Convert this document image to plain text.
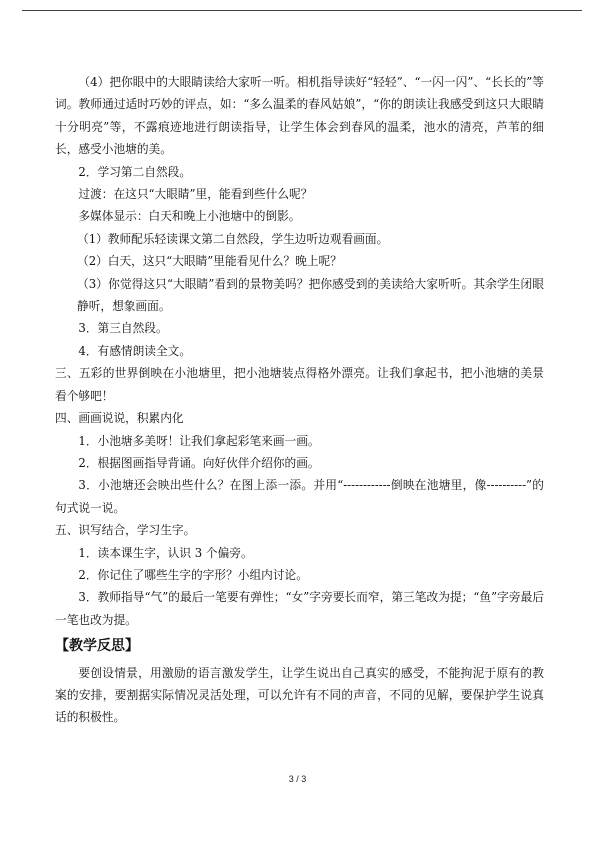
（4）把你眼中的大眼睛读给大家听一听。相机指导读好“轻轻”、“一闪一闪”、“长长的”等词。教师通过适时巧妙的评点，如：“多么温柔的春风姑娘”，“你的朗读让我感受到这只大眼睛十分明亮”等，不露痕迹地进行朗读指导，让学生体会到春风的温柔，池水的清亮，芦苇的细长，感受小池塘的美。

2．学习第二自然段。

过渡：在这只“大眼睛”里，能看到些什么呢？

多媒体显示：白天和晚上小池塘中的倒影。

（1）教师配乐轻读课文第二自然段，学生边听边观看画面。

（2）白天，这只“大眼睛”里能看见什么？晚上呢？

（3）你觉得这只“大眼睛”看到的景物美吗？把你感受到的美读给大家听听。其余学生闭眼静听，想象画面。

3．第三自然段。

4．有感情朗读全文。

三、五彩的世界倒映在小池塘里，把小池塘装点得格外漂亮。让我们拿起书，把小池塘的美景看个够吧！

四、画画说说，积累内化

1．小池塘多美呀！让我们拿起彩笔来画一画。

2．根据图画指导背诵。向好伙伴介绍你的画。

3．小池塘还会映出些什么？在图上添一添。并用“------------倒映在池塘里，像----------”的句式说一说。

五、识写结合，学习生字。

1．读本课生字，认识 3 个偏旁。

2．你记住了哪些生字的字形？小组内讨论。

3．教师指导“气”的最后一笔要有弹性；“女”字旁要长而窄，第三笔改为提；“鱼”字旁最后一笔也改为提。

【教学反思】

要创设情景，用激励的语言激发学生，让学生说出自己真实的感受，不能拘泥于原有的教案的安排，要割据实际情况灵活处理，可以允许有不同的声音，不同的见解，要保护学生说真话的积极性。

3 / 3
